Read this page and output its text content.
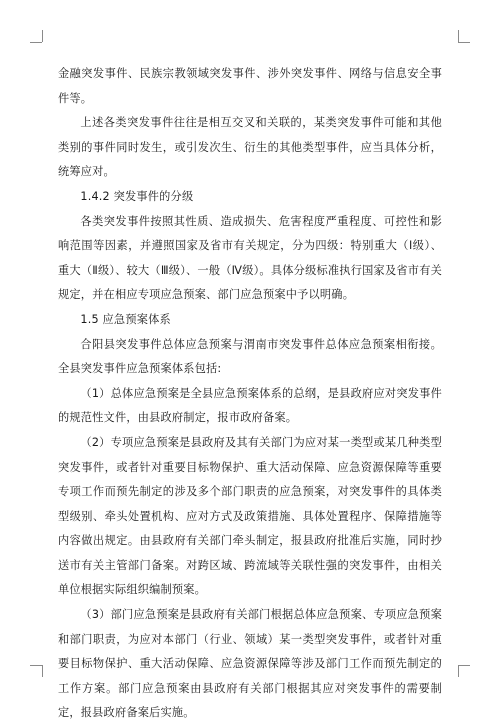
金融突发事件、民族宗教领域突发事件、涉外突发事件、网络与信息安全事件等。

上述各类突发事件往往是相互交叉和关联的，某类突发事件可能和其他类别的事件同时发生，或引发次生、衍生的其他类型事件，应当具体分析，统筹应对。

1.4.2 突发事件的分级

各类突发事件按照其性质、造成损失、危害程度严重程度、可控性和影响范围等因素，并遵照国家及省市有关规定，分为四级：特别重大（Ⅰ级）、重大（Ⅱ级）、较大（Ⅲ级）、一般（Ⅳ级）。具体分级标准执行国家及省市有关规定，并在相应专项应急预案、部门应急预案中予以明确。

1.5 应急预案体系

合阳县突发事件总体应急预案与渭南市突发事件总体应急预案相衔接。全县突发事件应急预案体系包括:

（1）总体应急预案是全县应急预案体系的总纲，是县政府应对突发事件的规范性文件，由县政府制定，报市政府备案。

（2）专项应急预案是县政府及其有关部门为应对某一类型或某几种类型突发事件，或者针对重要目标物保护、重大活动保障、应急资源保障等重要专项工作而预先制定的涉及多个部门职责的应急预案，对突发事件的具体类型级别、牵头处置机构、应对方式及政策措施、具体处置程序、保障措施等内容做出规定。由县政府有关部门牵头制定，报县政府批准后实施，同时抄送市有关主管部门备案。对跨区域、跨流域等关联性强的突发事件，由相关单位根据实际组织编制预案。

（3）部门应急预案是县政府有关部门根据总体应急预案、专项应急预案和部门职责，为应对本部门（行业、领域）某一类型突发事件，或者针对重要目标物保护、重大活动保障、应急资源保障等涉及部门工作而预先制定的工作方案。部门应急预案由县政府有关部门根据其应对突发事件的需要制定，报县政府备案后实施。
